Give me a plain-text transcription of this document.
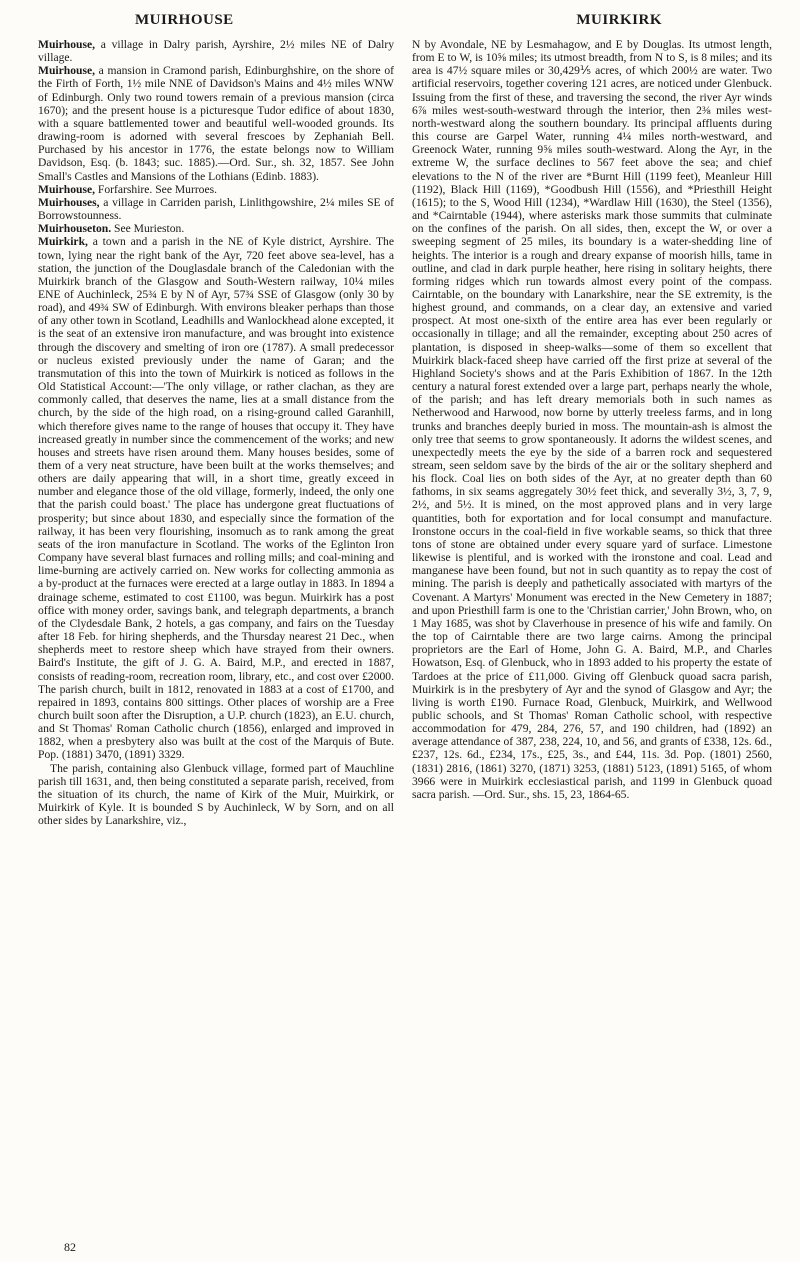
MUIRHOUSE	MUIRKIRK

Muirhouse, a village in Dalry parish, Ayrshire, 2½ miles NE of Dalry village.

Muirhouse, a mansion in Cramond parish, Edinburghshire, on the shore of the Firth of Forth, 1½ mile NNE of Davidson's Mains and 4½ miles WNW of Edinburgh. Only two round towers remain of a previous mansion (circa 1670); and the present house is a picturesque Tudor edifice of about 1830, with a square battlemented tower and beautiful well-wooded grounds. Its drawing-room is adorned with several frescoes by Zephaniah Bell. Purchased by his ancestor in 1776, the estate belongs now to William Davidson, Esq. (b. 1843; suc. 1885).—Ord. Sur., sh. 32, 1857. See John Small's Castles and Mansions of the Lothians (Edinb. 1883).

Muirhouse, Forfarshire. See Murroes.

Muirhouses, a village in Carriden parish, Linlithgowshire, 2¼ miles SE of Borrowstounness.

Muirhouseton. See Murieston.

Muirkirk, a town and a parish in the NE of Kyle district, Ayrshire. The town, lying near the right bank of the Ayr, 720 feet above sea-level, has a station, the junction of the Douglasdale branch of the Caledonian with the Muirkirk branch of the Glasgow and South-Western railway, 10¼ miles ENE of Auchinleck, 25¾ E by N of Ayr, 57¾ SSE of Glasgow (only 30 by road), and 49¾ SW of Edinburgh. With environs bleaker perhaps than those of any other town in Scotland, Leadhills and Wanlockhead alone excepted, it is the seat of an extensive iron manufacture, and was brought into existence through the discovery and smelting of iron ore (1787). A small predecessor or nucleus existed previously under the name of Garan; and the transmutation of this into the town of Muirkirk is noticed as follows in the Old Statistical Account:—'The only village, or rather clachan, as they are commonly called, that deserves the name, lies at a small distance from the church, by the side of the high road, on a rising-ground called Garanhill, which therefore gives name to the range of houses that occupy it. They have increased greatly in number since the commencement of the works; and new houses and streets have risen around them. Many houses besides, some of them of a very neat structure, have been built at the works themselves; and others are daily appearing that will, in a short time, greatly exceed in number and elegance those of the old village, formerly, indeed, the only one that the parish could boast.' The place has undergone great fluctuations of prosperity; but since about 1830, and especially since the formation of the railway, it has been very flourishing, insomuch as to rank among the great seats of the iron manufacture in Scotland. The works of the Eglinton Iron Company have several blast furnaces and rolling mills; and coal-mining and lime-burning are actively carried on. New works for collecting ammonia as a by-product at the furnaces were erected at a large outlay in 1883. In 1894 a drainage scheme, estimated to cost £1100, was begun. Muirkirk has a post office with money order, savings bank, and telegraph departments, a branch of the Clydesdale Bank, 2 hotels, a gas company, and fairs on the Tuesday after 18 Feb. for hiring shepherds, and the Thursday nearest 21 Dec., when shepherds meet to restore sheep which have strayed from their owners. Baird's Institute, the gift of J. G. A. Baird, M.P., and erected in 1887, consists of reading-room, recreation room, library, etc., and cost over £2000. The parish church, built in 1812, renovated in 1883 at a cost of £1700, and repaired in 1893, contains 800 sittings. Other places of worship are a Free church built soon after the Disruption, a U.P. church (1823), an E.U. church, and St Thomas' Roman Catholic church (1856), enlarged and improved in 1882, when a presbytery also was built at the cost of the Marquis of Bute. Pop. (1881) 3470, (1891) 3329.

The parish, containing also Glenbuck village, formed part of Mauchline parish till 1631, and, then being constituted a separate parish, received, from the situation of its church, the name of Kirk of the Muir, Muirkirk, or Muirkirk of Kyle. It is bounded S by Auchinleck, W by Sorn, and on all other sides by Lanarkshire, viz.,

N by Avondale, NE by Lesmahagow, and E by Douglas. Its utmost length, from E to W, is 10⅝ miles; its utmost breadth, from N to S, is 8 miles; and its area is 47½ square miles or 30,429⅕ acres, of which 200½ are water. Two artificial reservoirs, together covering 121 acres, are noticed under Glenbuck. Issuing from the first of these, and traversing the second, the river Ayr winds 6⅞ miles west-south-westward through the interior, then 2⅜ miles west-north-westward along the southern boundary. Its principal affluents during this course are Garpel Water, running 4¼ miles north-westward, and Greenock Water, running 9⅝ miles south-westward. Along the Ayr, in the extreme W, the surface declines to 567 feet above the sea; and chief elevations to the N of the river are *Burnt Hill (1199 feet), Meanleur Hill (1192), Black Hill (1169), *Goodbush Hill (1556), and *Priesthill Height (1615); to the S, Wood Hill (1234), *Wardlaw Hill (1630), the Steel (1356), and *Cairntable (1944), where asterisks mark those summits that culminate on the confines of the parish. On all sides, then, except the W, or over a sweeping segment of 25 miles, its boundary is a water-shedding line of heights. The interior is a rough and dreary expanse of moorish hills, tame in outline, and clad in dark purple heather, here rising in solitary heights, there forming ridges which run towards almost every point of the compass. Cairntable, on the boundary with Lanarkshire, near the SE extremity, is the highest ground, and commands, on a clear day, an extensive and varied prospect. At most one-sixth of the entire area has ever been regularly or occasionally in tillage; and all the remainder, excepting about 250 acres of plantation, is disposed in sheep-walks—some of them so excellent that Muirkirk black-faced sheep have carried off the first prize at several of the Highland Society's shows and at the Paris Exhibition of 1867. In the 12th century a natural forest extended over a large part, perhaps nearly the whole, of the parish; and has left dreary memorials both in such names as Netherwood and Harwood, now borne by utterly treeless farms, and in long trunks and branches deeply buried in moss. The mountain-ash is almost the only tree that seems to grow spontaneously. It adorns the wildest scenes, and unexpectedly meets the eye by the side of a barren rock and sequestered stream, seen seldom save by the birds of the air or the solitary shepherd and his flock. Coal lies on both sides of the Ayr, at no greater depth than 60 fathoms, in six seams aggregately 30½ feet thick, and severally 3½, 3, 7, 9, 2½, and 5½. It is mined, on the most approved plans and in very large quantities, both for exportation and for local consumpt and manufacture. Ironstone occurs in the coal-field in five workable seams, so thick that three tons of stone are obtained under every square yard of surface. Limestone likewise is plentiful, and is worked with the ironstone and coal. Lead and manganese have been found, but not in such quantity as to repay the cost of mining. The parish is deeply and pathetically associated with martyrs of the Covenant. A Martyrs' Monument was erected in the New Cemetery in 1887; and upon Priesthill farm is one to the 'Christian carrier,' John Brown, who, on 1 May 1685, was shot by Claverhouse in presence of his wife and family. On the top of Cairntable there are two large cairns. Among the principal proprietors are the Earl of Home, John G. A. Baird, M.P., and Charles Howatson, Esq. of Glenbuck, who in 1893 added to his property the estate of Tardoes at the price of £11,000. Giving off Glenbuck quoad sacra parish, Muirkirk is in the presbytery of Ayr and the synod of Glasgow and Ayr; the living is worth £190. Furnace Road, Glenbuck, Muirkirk, and Wellwood public schools, and St Thomas' Roman Catholic school, with respective accommodation for 479, 284, 276, 57, and 190 children, had (1892) an average attendance of 387, 238, 224, 10, and 56, and grants of £338, 12s. 6d., £237, 12s. 6d., £234, 17s., £25, 3s., and £44, 11s. 3d. Pop. (1801) 2560, (1831) 2816, (1861) 3270, (1871) 3253, (1881) 5123, (1891) 5165, of whom 3966 were in Muirkirk ecclesiastical parish, and 1199 in Glenbuck quoad sacra parish. —Ord. Sur., shs. 15, 23, 1864-65.

82
